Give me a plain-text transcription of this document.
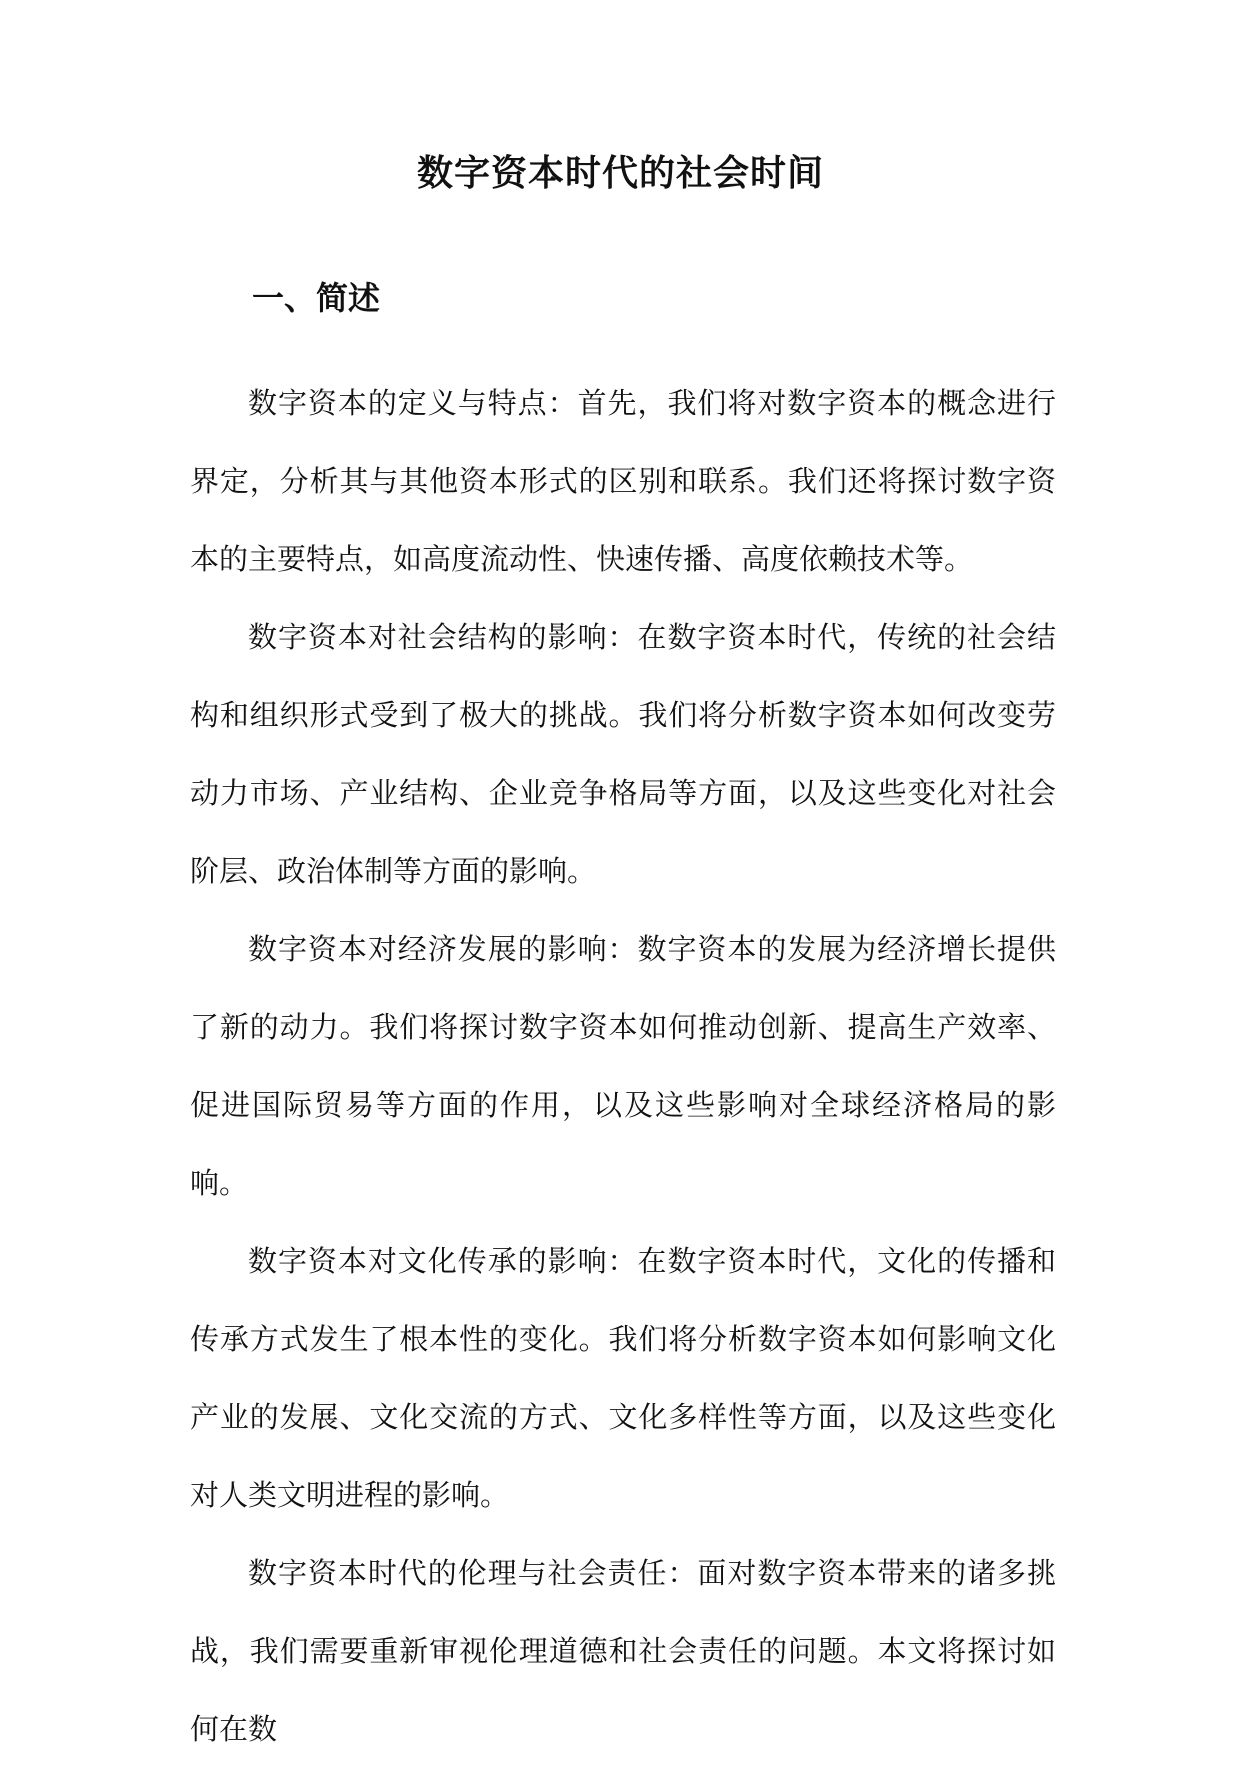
数字资本时代的社会时间
一、简述

数字资本的定义与特点：首先，我们将对数字资本的概念进行界定，分析其与其他资本形式的区别和联系。我们还将探讨数字资本的主要特点，如高度流动性、快速传播、高度依赖技术等。

数字资本对社会结构的影响：在数字资本时代，传统的社会结构和组织形式受到了极大的挑战。我们将分析数字资本如何改变劳动力市场、产业结构、企业竞争格局等方面，以及这些变化对社会阶层、政治体制等方面的影响。

数字资本对经济发展的影响：数字资本的发展为经济增长提供了新的动力。我们将探讨数字资本如何推动创新、提高生产效率、促进国际贸易等方面的作用，以及这些影响对全球经济格局的影响。

数字资本对文化传承的影响：在数字资本时代，文化的传播和传承方式发生了根本性的变化。我们将分析数字资本如何影响文化产业的发展、文化交流的方式、文化多样性等方面，以及这些变化对人类文明进程的影响。

数字资本时代的伦理与社会责任：面对数字资本带来的诸多挑战，我们需要重新审视伦理道德和社会责任的问题。本文将探讨如何在数
